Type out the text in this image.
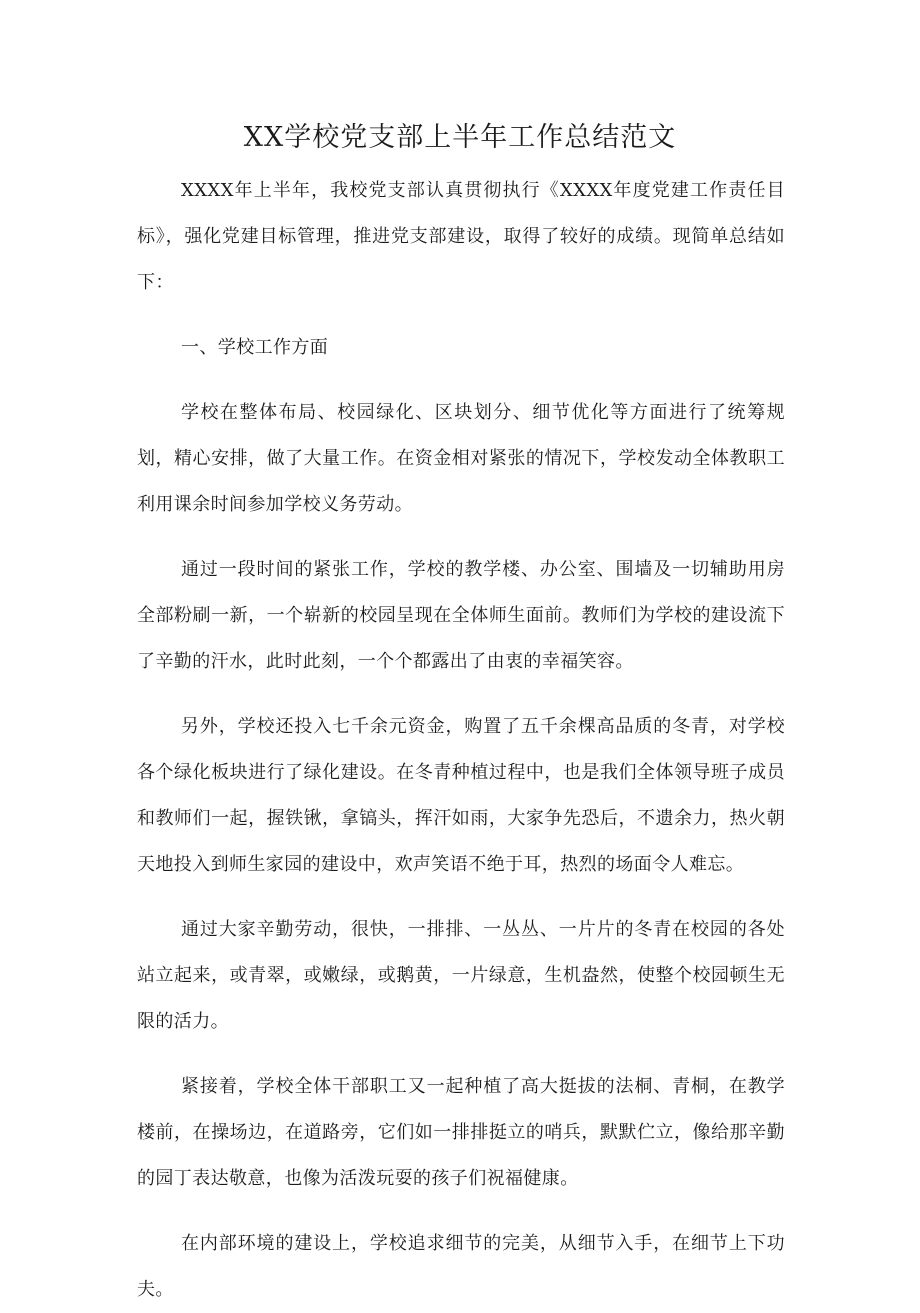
XX学校党支部上半年工作总结范文

XXXX年上半年，我校党支部认真贯彻执行《XXXX年度党建工作责任目标》，强化党建目标管理，推进党支部建设，取得了较好的成绩。现简单总结如下：

一、学校工作方面

学校在整体布局、校园绿化、区块划分、细节优化等方面进行了统筹规划，精心安排，做了大量工作。在资金相对紧张的情况下，学校发动全体教职工利用课余时间参加学校义务劳动。

通过一段时间的紧张工作，学校的教学楼、办公室、围墙及一切辅助用房全部粉刷一新，一个崭新的校园呈现在全体师生面前。教师们为学校的建设流下了辛勤的汗水，此时此刻，一个个都露出了由衷的幸福笑容。

另外，学校还投入七千余元资金，购置了五千余棵高品质的冬青，对学校各个绿化板块进行了绿化建设。在冬青种植过程中，也是我们全体领导班子成员和教师们一起，握铁锹，拿镐头，挥汗如雨，大家争先恐后，不遗余力，热火朝天地投入到师生家园的建设中，欢声笑语不绝于耳，热烈的场面令人难忘。

通过大家辛勤劳动，很快，一排排、一丛丛、一片片的冬青在校园的各处站立起来，或青翠，或嫩绿，或鹅黄，一片绿意，生机盎然，使整个校园顿生无限的活力。

紧接着，学校全体干部职工又一起种植了高大挺拔的法桐、青桐，在教学楼前，在操场边，在道路旁，它们如一排排挺立的哨兵，默默伫立，像给那辛勤的园丁表达敬意，也像为活泼玩耍的孩子们祝福健康。

在内部环境的建设上，学校追求细节的完美，从细节入手，在细节上下功夫。
